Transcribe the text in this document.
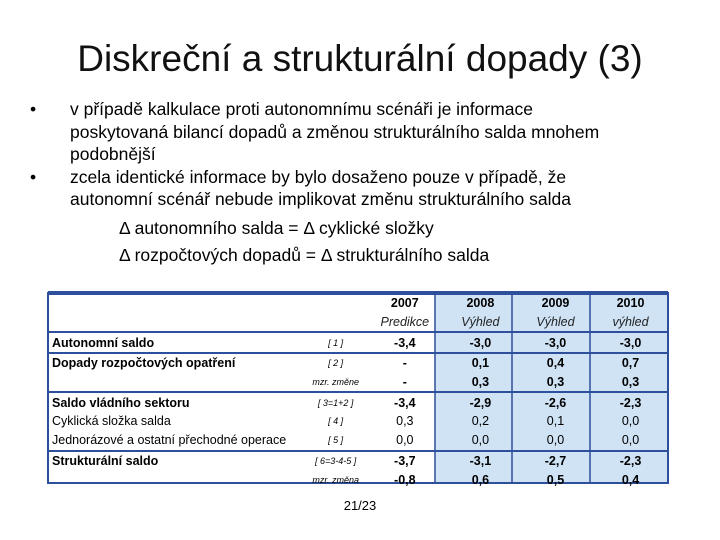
Diskreční a strukturální dopady (3)
• v případě kalkulace proti autonomnímu scénáři je informace
poskytovaná bilancí dopadů a změnou strukturálního salda mnohem
podobnější
• zcela identické informace by bylo dosaženo pouze v případě, že
autonomní scénář nebude implikovat změnu strukturálního salda
Δ autonomního salda = Δ cyklické složky
Δ rozpočtových dopadů = Δ strukturálního salda
		2007	2008	2009	2010
		Predikce	Výhled	Výhled	výhled
Autonomní saldo	[ 1 ]	-3,4	-3,0	-3,0	-3,0
Dopady rozpočtových opatření	[ 2 ]	-	0,1	0,4	0,7
	mzr. změne	-	0,3	0,3	0,3
Saldo vládního sektoru	[ 3=1+2 ]	-3,4	-2,9	-2,6	-2,3
Cyklická složka salda	[ 4 ]	0,3	0,2	0,1	0,0
Jednorázové a ostatní přechodné operace	[ 5 ]	0,0	0,0	0,0	0,0
Strukturální saldo	[ 6=3-4-5 ]	-3,7	-3,1	-2,7	-2,3
	mzr. změna	-0,8	0,6	0,5	0,4
21/23
